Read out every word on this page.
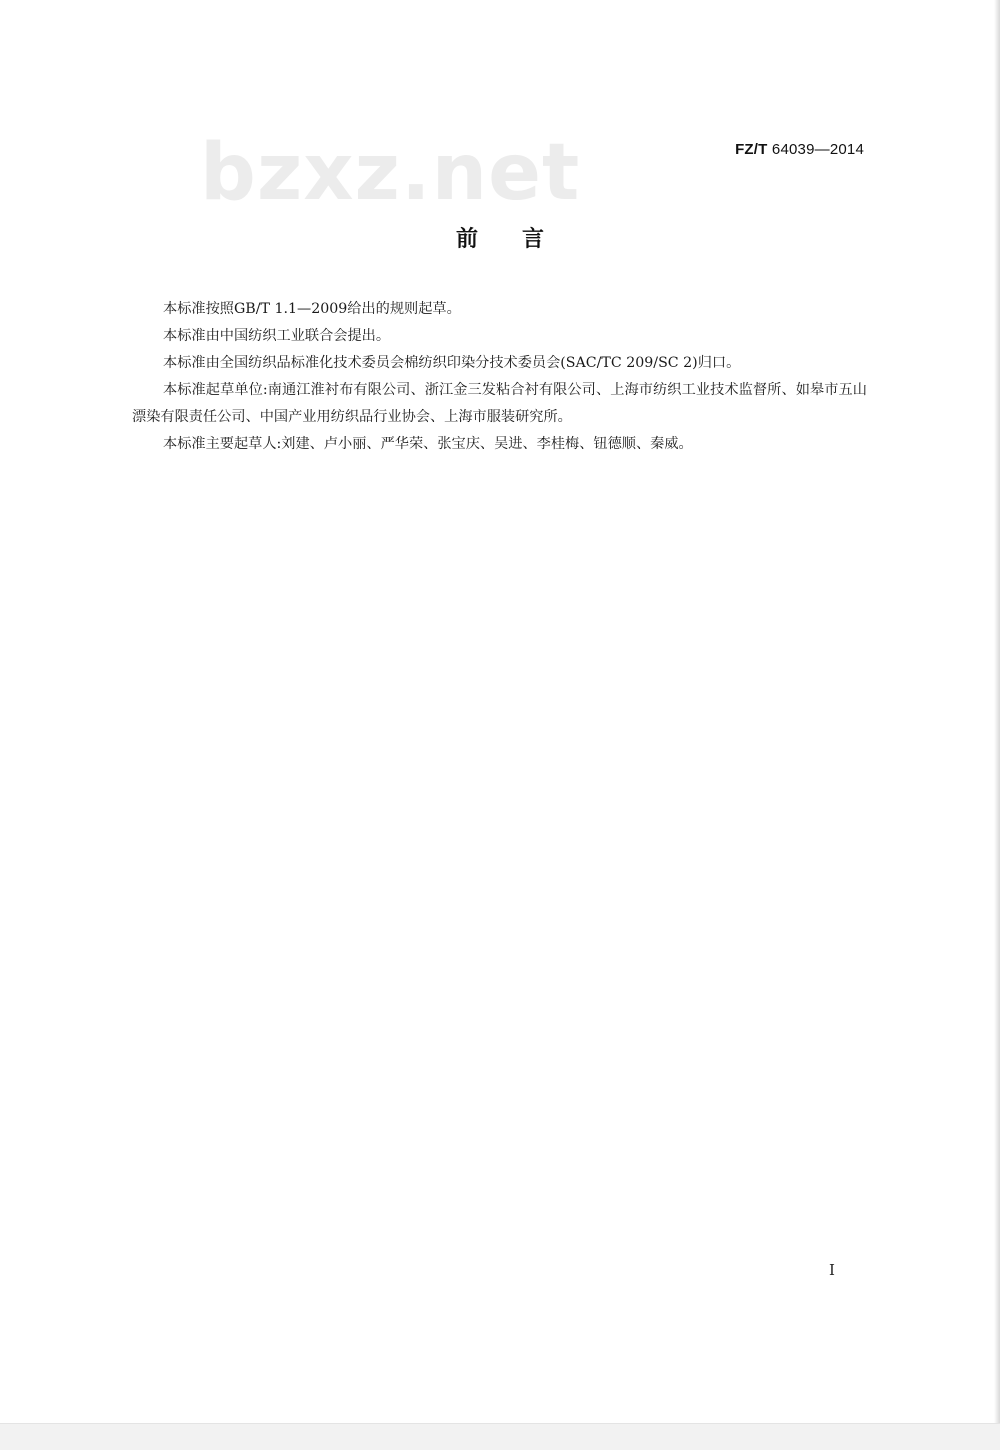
bzxz.net	FZ/T 64039—2014
前言

本标准按照GB/T 1.1—2009给出的规则起草。

本标准由中国纺织工业联合会提出。

本标准由全国纺织品标准化技术委员会棉纺织印染分技术委员会(SAC/TC 209/SC 2)归口。

本标准起草单位:南通江淮衬布有限公司、浙江金三发粘合衬有限公司、上海市纺织工业技术监督所、如皋市五山漂染有限责任公司、中国产业用纺织品行业协会、上海市服装研究所。

本标准主要起草人:刘建、卢小丽、严华荣、张宝庆、吴进、李桂梅、钮德顺、秦威。

I
